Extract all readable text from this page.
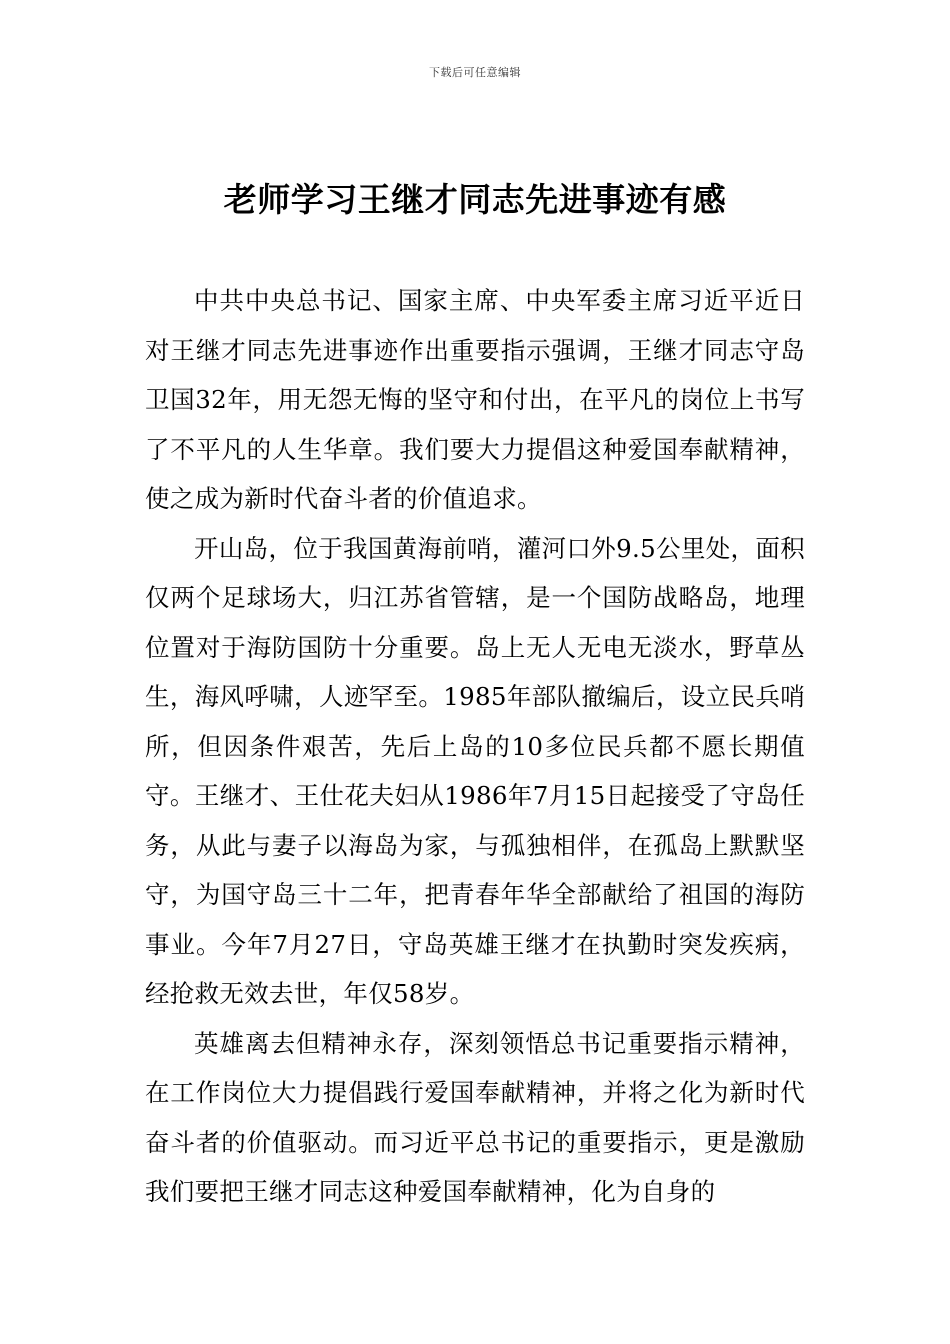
下载后可任意编辑
老师学习王继才同志先进事迹有感

中共中央总书记、国家主席、中央军委主席习近平近日对王继才同志先进事迹作出重要指示强调，王继才同志守岛卫国32年，用无怨无悔的坚守和付出，在平凡的岗位上书写了不平凡的人生华章。我们要大力提倡这种爱国奉献精神，使之成为新时代奋斗者的价值追求。

开山岛，位于我国黄海前哨，灌河口外9.5公里处，面积仅两个足球场大，归江苏省管辖，是一个国防战略岛，地理位置对于海防国防十分重要。岛上无人无电无淡水，野草丛生，海风呼啸，人迹罕至。1985年部队撤编后，设立民兵哨所，但因条件艰苦，先后上岛的10多位民兵都不愿长期值守。王继才、王仕花夫妇从1986年7月15日起接受了守岛任务，从此与妻子以海岛为家，与孤独相伴，在孤岛上默默坚守，为国守岛三十二年，把青春年华全部献给了祖国的海防事业。今年7月27日，守岛英雄王继才在执勤时突发疾病，经抢救无效去世，年仅58岁。

英雄离去但精神永存，深刻领悟总书记重要指示精神，在工作岗位大力提倡践行爱国奉献精神，并将之化为新时代奋斗者的价值驱动。而习近平总书记的重要指示，更是激励我们要把王继才同志这种爱国奉献精神，化为自身的
